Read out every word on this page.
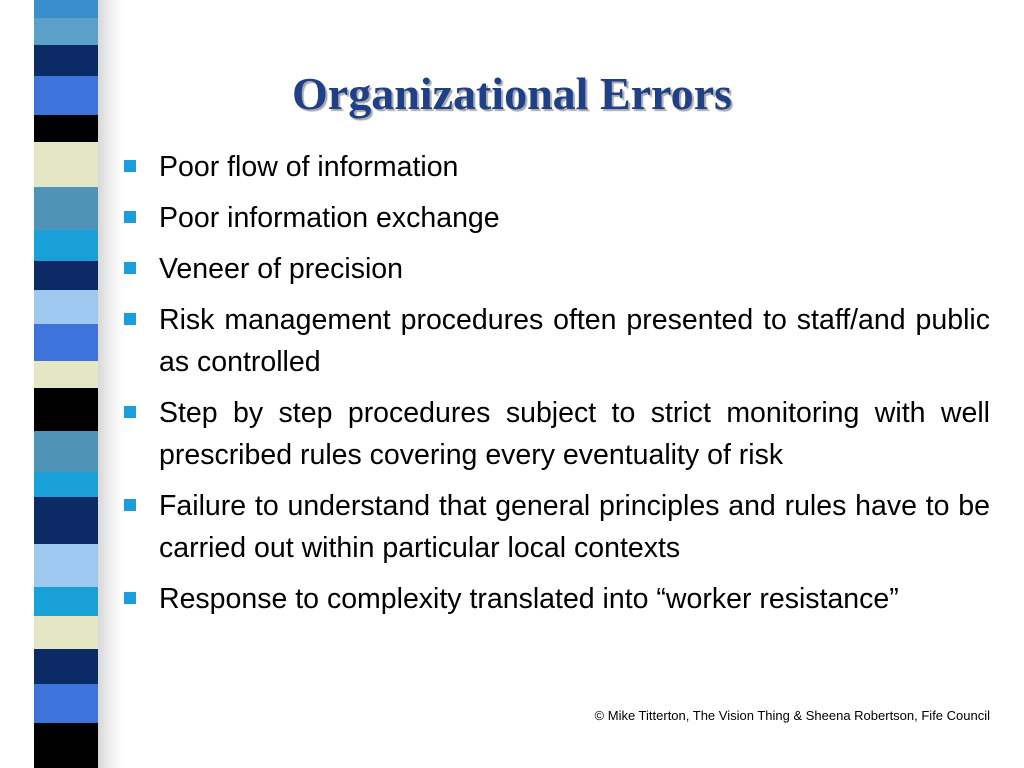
Organizational Errors
Poor flow of information
Poor information exchange
Veneer of precision
Risk management procedures often presented to staff/and public as controlled
Step by step procedures subject to strict monitoring with well prescribed rules covering every eventuality of risk
Failure to understand that general principles and rules have to be carried out within particular local contexts
Response to complexity translated into “worker resistance”
© Mike Titterton, The Vision Thing & Sheena Robertson, Fife Council
